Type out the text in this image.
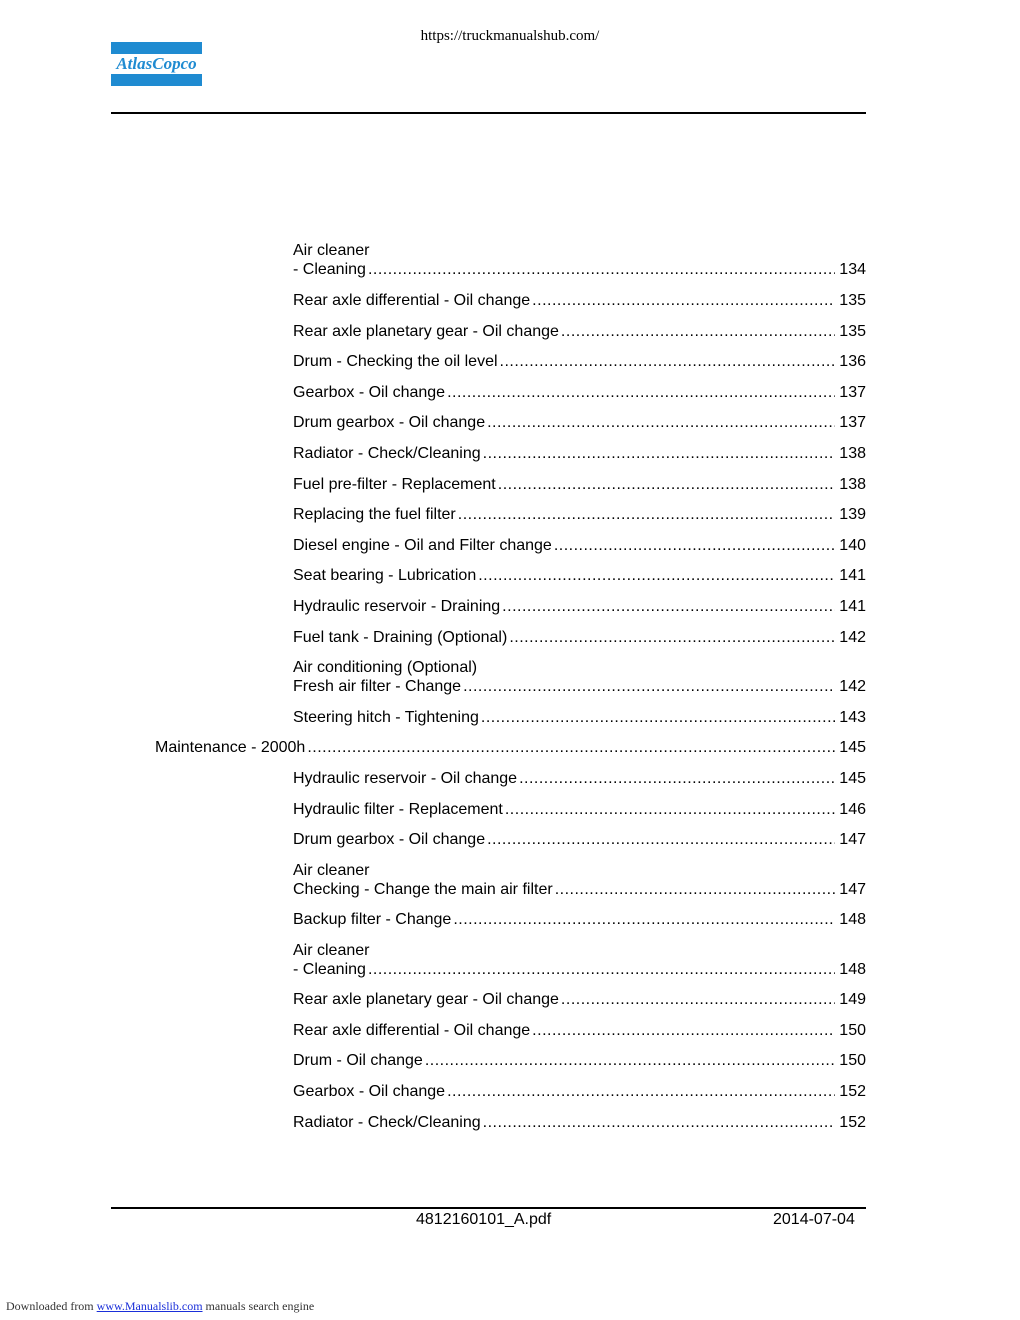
https://truckmanualshub.com/
AtlasCopco
Air cleaner
- Cleaning .....	134
Rear axle differential - Oil change .....	135
Rear axle planetary gear - Oil change .....	135
Drum - Checking the oil level .....	136
Gearbox - Oil change .....	137
Drum gearbox - Oil change .....	137
Radiator - Check/Cleaning .....	138
Fuel pre-filter - Replacement .....	138
Replacing the fuel filter .....	139
Diesel engine - Oil and Filter change .....	140
Seat bearing - Lubrication .....	141
Hydraulic reservoir - Draining .....	141
Fuel tank - Draining (Optional) .....	142
Air conditioning (Optional)
Fresh air filter - Change .....	142
Steering hitch - Tightening .....	143
Maintenance - 2000h .....	145
Hydraulic reservoir - Oil change .....	145
Hydraulic filter - Replacement .....	146
Drum gearbox - Oil change .....	147
Air cleaner
Checking - Change the main air filter .....	147
Backup filter - Change .....	148
Air cleaner
- Cleaning .....	148
Rear axle planetary gear - Oil change .....	149
Rear axle differential - Oil change .....	150
Drum - Oil change .....	150
Gearbox - Oil change .....	152
Radiator - Check/Cleaning .....	152
4812160101_A.pdf	2014-07-04
Downloaded from www.Manualslib.com manuals search engine
